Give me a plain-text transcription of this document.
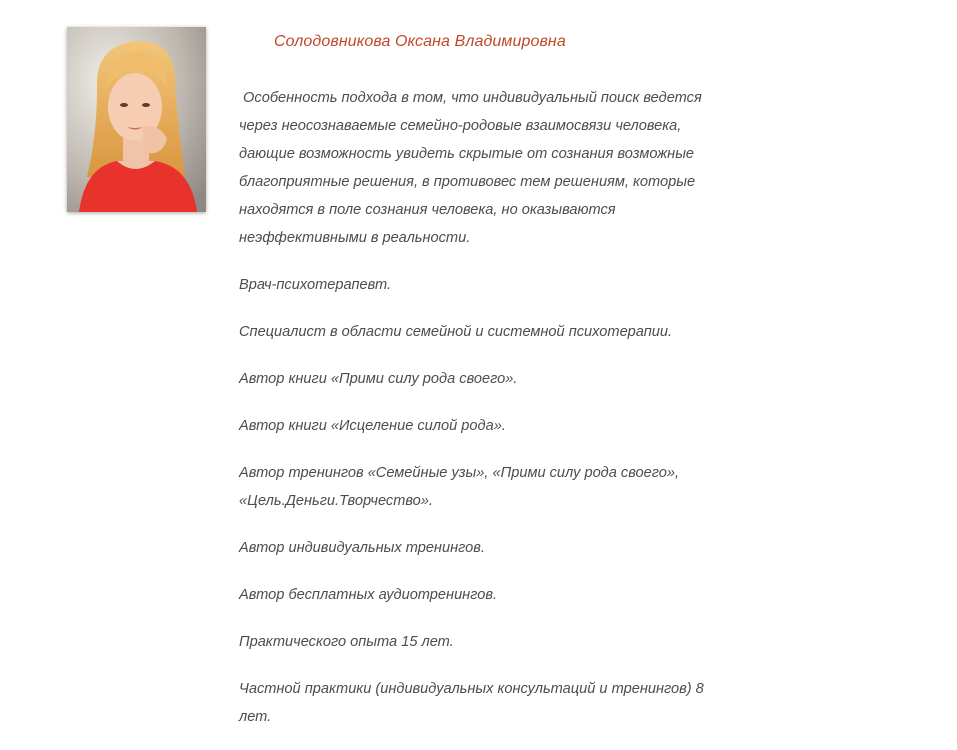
Солодовникова Оксана Владимировна

Особенность подхода в том, что индивидуальный поиск ведется через неосознаваемые семейно-родовые взаимосвязи человека, дающие возможность увидеть скрытые от сознания возможные благоприятные решения, в противовес тем решениям, которые находятся в поле сознания человека, но оказываются неэффективными в реальности.

Врач-психотерапевт.

Специалист в области семейной и системной психотерапии.

Автор книги «Прими силу рода своего».

Автор книги «Исцеление силой рода».

Автор тренингов «Семейные узы», «Прими силу рода своего», «Цель.Деньги.Творчество».

Автор индивидуальных тренингов.

Автор бесплатных аудиотренингов.

Практического опыта 15 лет.

Частной практики (индивидуальных консультаций и тренингов) 8 лет.
